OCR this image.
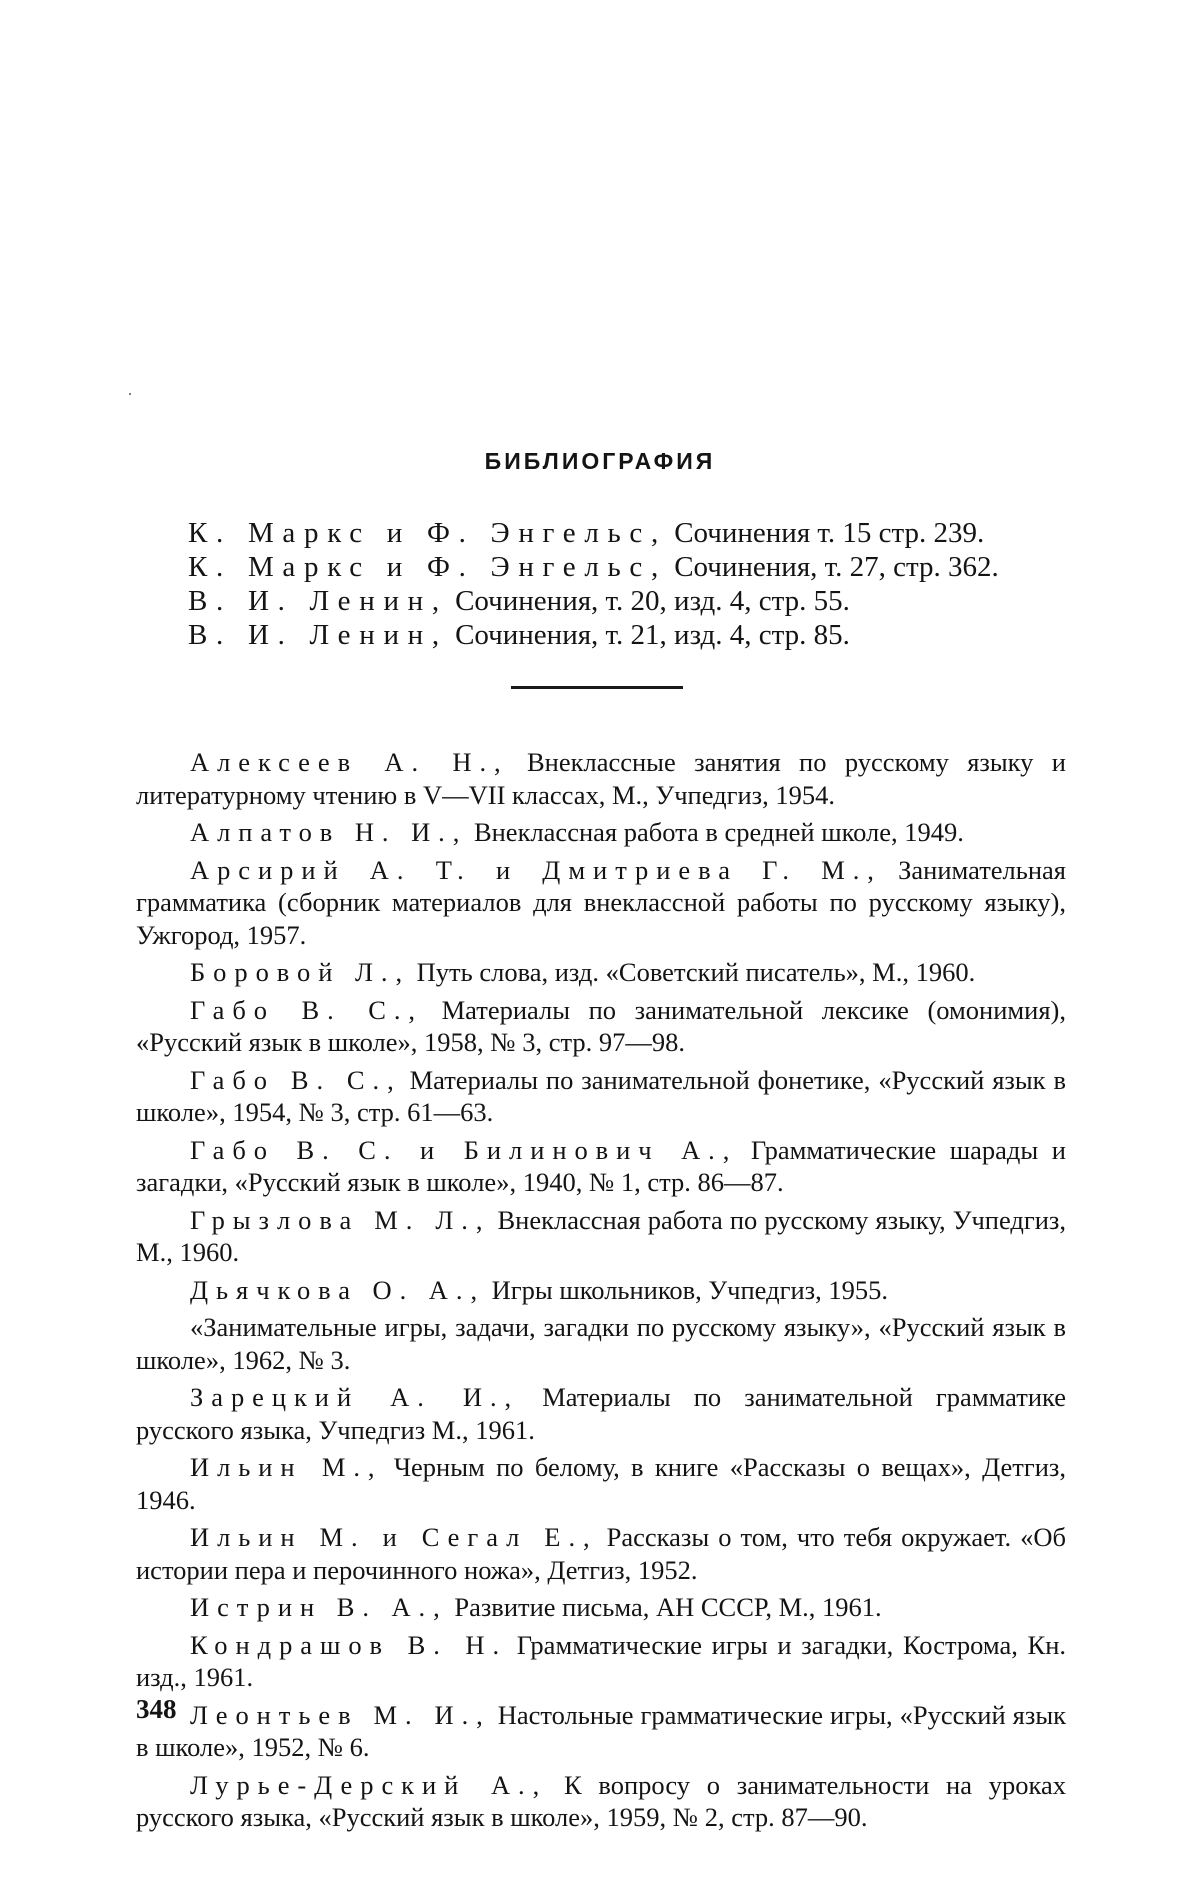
БИБЛИОГРАФИЯ
К. Маркс и Ф. Энгельс, Сочинения т. 15 стр. 239.
К. Маркс и Ф. Энгельс, Сочинения, т. 27, стр. 362.
В. И. Ленин, Сочинения, т. 20, изд. 4, стр. 55.
В. И. Ленин, Сочинения, т. 21, изд. 4, стр. 85.

Алексеев А. Н., Внеклассные занятия по русскому языку и литературному чтению в V—VII классах, М., Учпедгиз, 1954.

Алпатов Н. И., Внеклассная работа в средней школе, 1949.

Арсирий А. Т. и Дмитриева Г. М., Занимательная грамматика (сборник материалов для внеклассной работы по русскому языку), Ужгород, 1957.

Боровой Л., Путь слова, изд. «Советский писатель», М., 1960.

Габо В. С., Материалы по занимательной лексике (омонимия), «Русский язык в школе», 1958, № 3, стр. 97—98.

Габо В. С., Материалы по занимательной фонетике, «Русский язык в школе», 1954, № 3, стр. 61—63.

Габо В. С. и Билинович А., Грамматические шарады и загадки, «Русский язык в школе», 1940, № 1, стр. 86—87.

Грызлова М. Л., Внеклассная работа по русскому языку, Учпедгиз, М., 1960.

Дьячкова О. А., Игры школьников, Учпедгиз, 1955.

«Занимательные игры, задачи, загадки по русскому языку», «Русский язык в школе», 1962, № 3.

Зарецкий А. И., Материалы по занимательной грамматике русского языка, Учпедгиз М., 1961.

Ильин М., Черным по белому, в книге «Рассказы о вещах», Детгиз, 1946.

Ильин М. и Сегал Е., Рассказы о том, что тебя окружает. «Об истории пера и перочинного ножа», Детгиз, 1952.

Истрин В. А., Развитие письма, АН СССР, М., 1961.

Кондрашов В. Н. Грамматические игры и загадки, Кострома, Кн. изд., 1961.

Леонтьев М. И., Настольные грамматические игры, «Русский язык в школе», 1952, № 6.

Лурье-Дерский А., К вопросу о занимательности на уроках русского языка, «Русский язык в школе», 1959, № 2, стр. 87—90.

348
